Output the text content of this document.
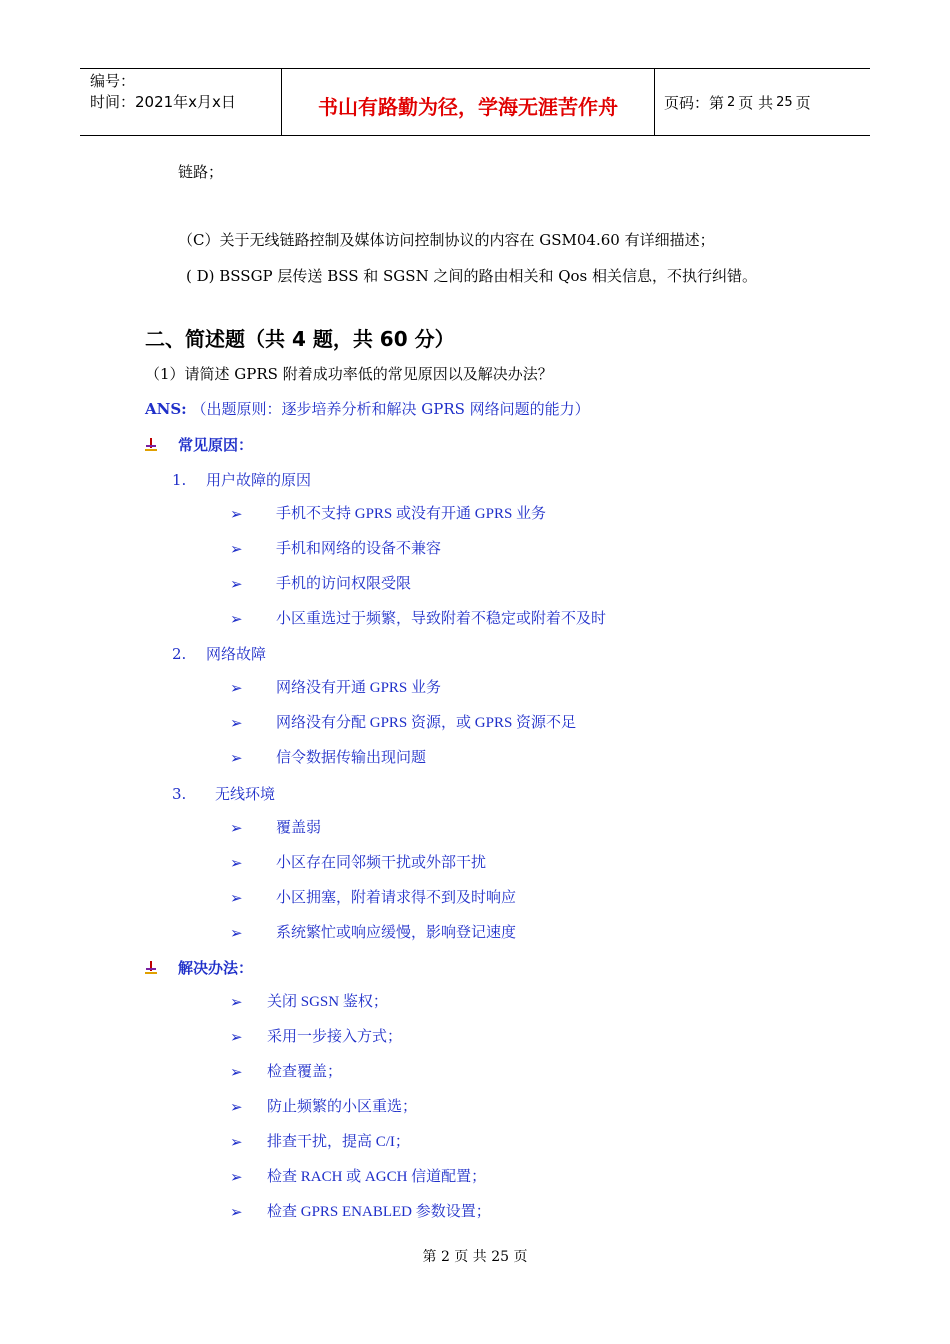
编号：
时间：2021年x月x日	书山有路勤为径，学海无涯苦作舟	页码：第 2 页 共 25 页
链路；
（C）关于无线链路控制及媒体访问控制协议的内容在 GSM04.60 有详细描述；
( D) BSSGP 层传送 BSS 和 SGSN 之间的路由相关和 Qos 相关信息，不执行纠错。
二、简述题（共 4 题，共 60 分）
（1）请简述 GPRS 附着成功率低的常见原因以及解决办法？
ANS: （出题原则：逐步培养分析和解决 GPRS 网络问题的能力）
常见原因：
1. 用户故障的原因
➢ 手机不支持 GPRS 或没有开通 GPRS 业务
➢ 手机和网络的设备不兼容
➢ 手机的访问权限受限
➢ 小区重选过于频繁，导致附着不稳定或附着不及时
2. 网络故障
➢ 网络没有开通 GPRS 业务
➢ 网络没有分配 GPRS 资源，或 GPRS 资源不足
➢ 信令数据传输出现问题
3. 无线环境
➢ 覆盖弱
➢ 小区存在同邻频干扰或外部干扰
➢ 小区拥塞，附着请求得不到及时响应
➢ 系统繁忙或响应缓慢，影响登记速度
解决办法：
➢ 关闭 SGSN 鉴权；
➢ 采用一步接入方式；
➢ 检查覆盖；
➢ 防止频繁的小区重选；
➢ 排查干扰，提高 C/I；
➢ 检查 RACH 或 AGCH 信道配置；
➢ 检查 GPRS ENABLED 参数设置；
第 2 页 共 25 页
